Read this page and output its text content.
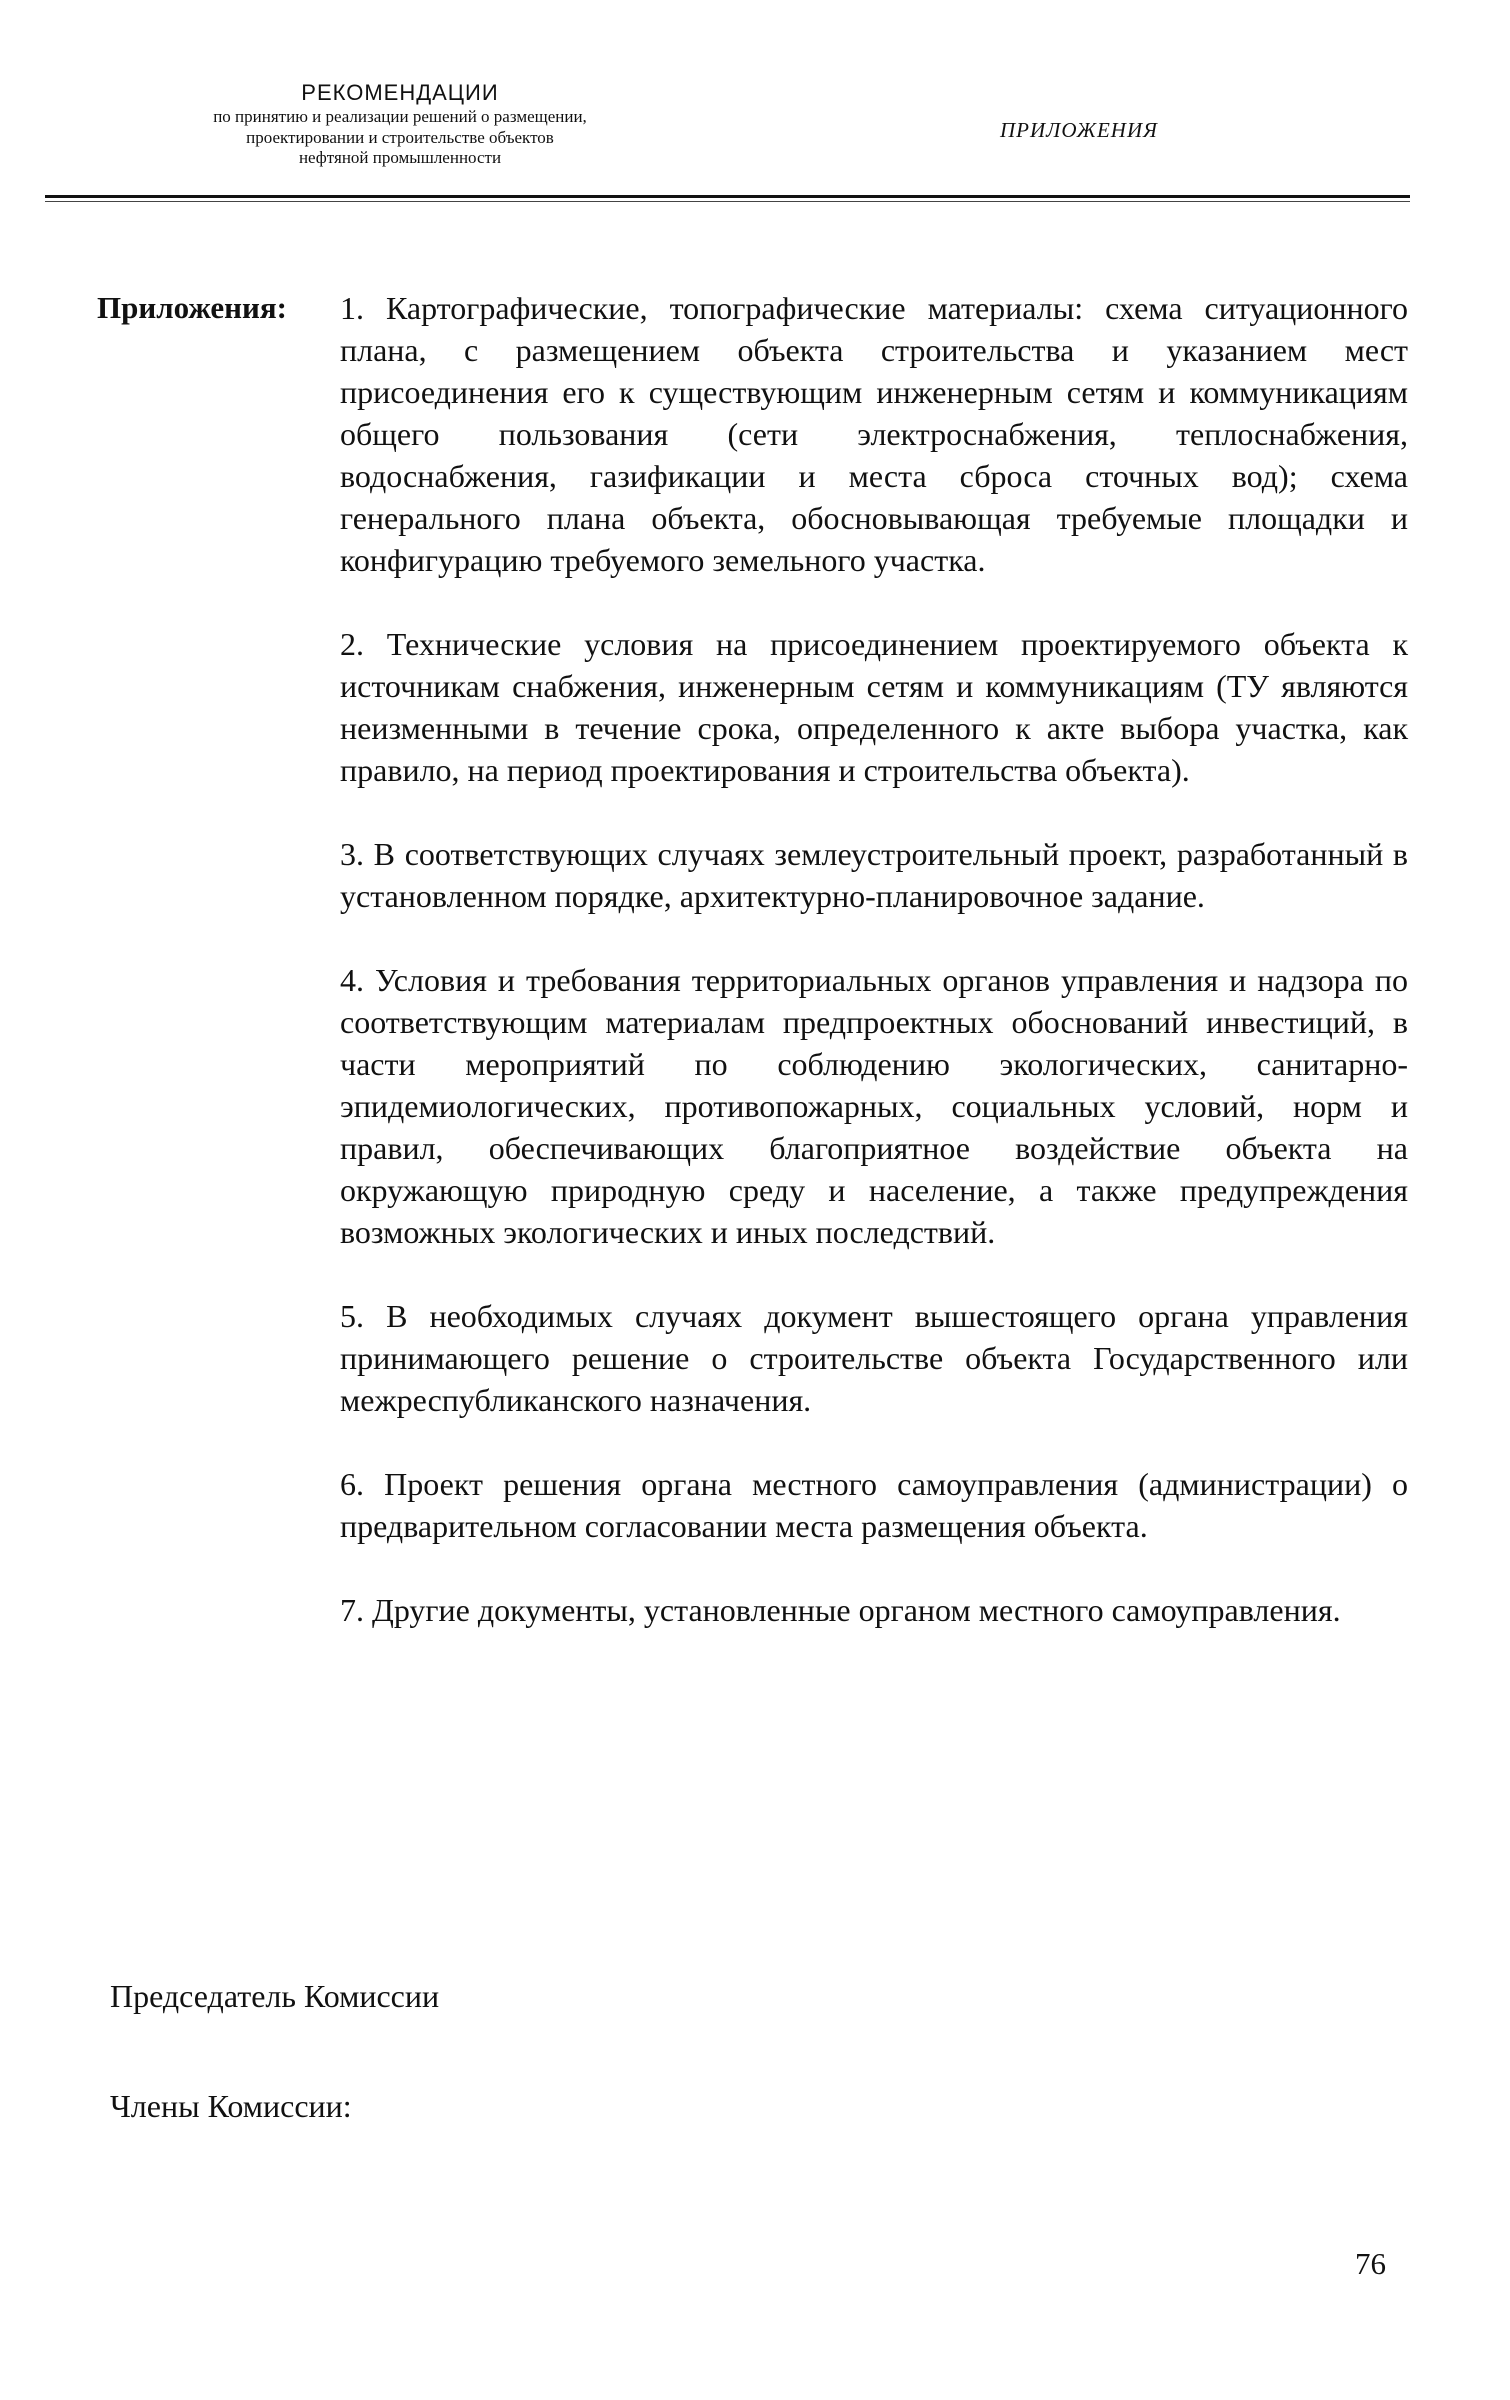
РЕКОМЕНДАЦИИ
по принятию и реализации решений о размещении,
проектировании и строительстве объектов
нефтяной промышленности
ПРИЛОЖЕНИЯ
Приложения: 1. Картографические, топографические материалы: схема ситуационного плана, с размещением объекта строительства и указанием мест присоединения его к существующим инженерным сетям и коммуникациям общего пользования (сети электроснабжения, теплоснабжения, водоснабжения, газификации и места сброса сточных вод); схема генерального плана объекта, обосновывающая требуемые площадки и конфигурацию требуемого земельного участка.

2. Технические условия на присоединением проектируемого объекта к источникам снабжения, инженерным сетям и коммуникациям (ТУ являются неизменными в течение срока, определенного к акте выбора участка, как правило, на период проектирования и строительства объекта).

3. В соответствующих случаях землеустроительный проект, разработанный в установленном порядке, архитектурно-планировочное задание.

4. Условия и требования территориальных органов управления и надзора по соответствующим материалам предпроектных обоснований инвестиций, в части мероприятий по соблюдению экологических, санитарно-эпидемиологических, противопожарных, социальных условий, норм и правил, обеспечивающих благоприятное воздействие объекта на окружающую природную среду и население, а также предупреждения возможных экологических и иных последствий.

5. В необходимых случаях документ вышестоящего органа управления принимающего решение о строительстве объекта Государственного или межреспубликанского назначения.

6. Проект решения органа местного самоуправления (администрации) о предварительном согласовании места размещения объекта.

7. Другие документы, установленные органом местного самоуправления.

Председатель Комиссии
Члены Комиссии:
76
